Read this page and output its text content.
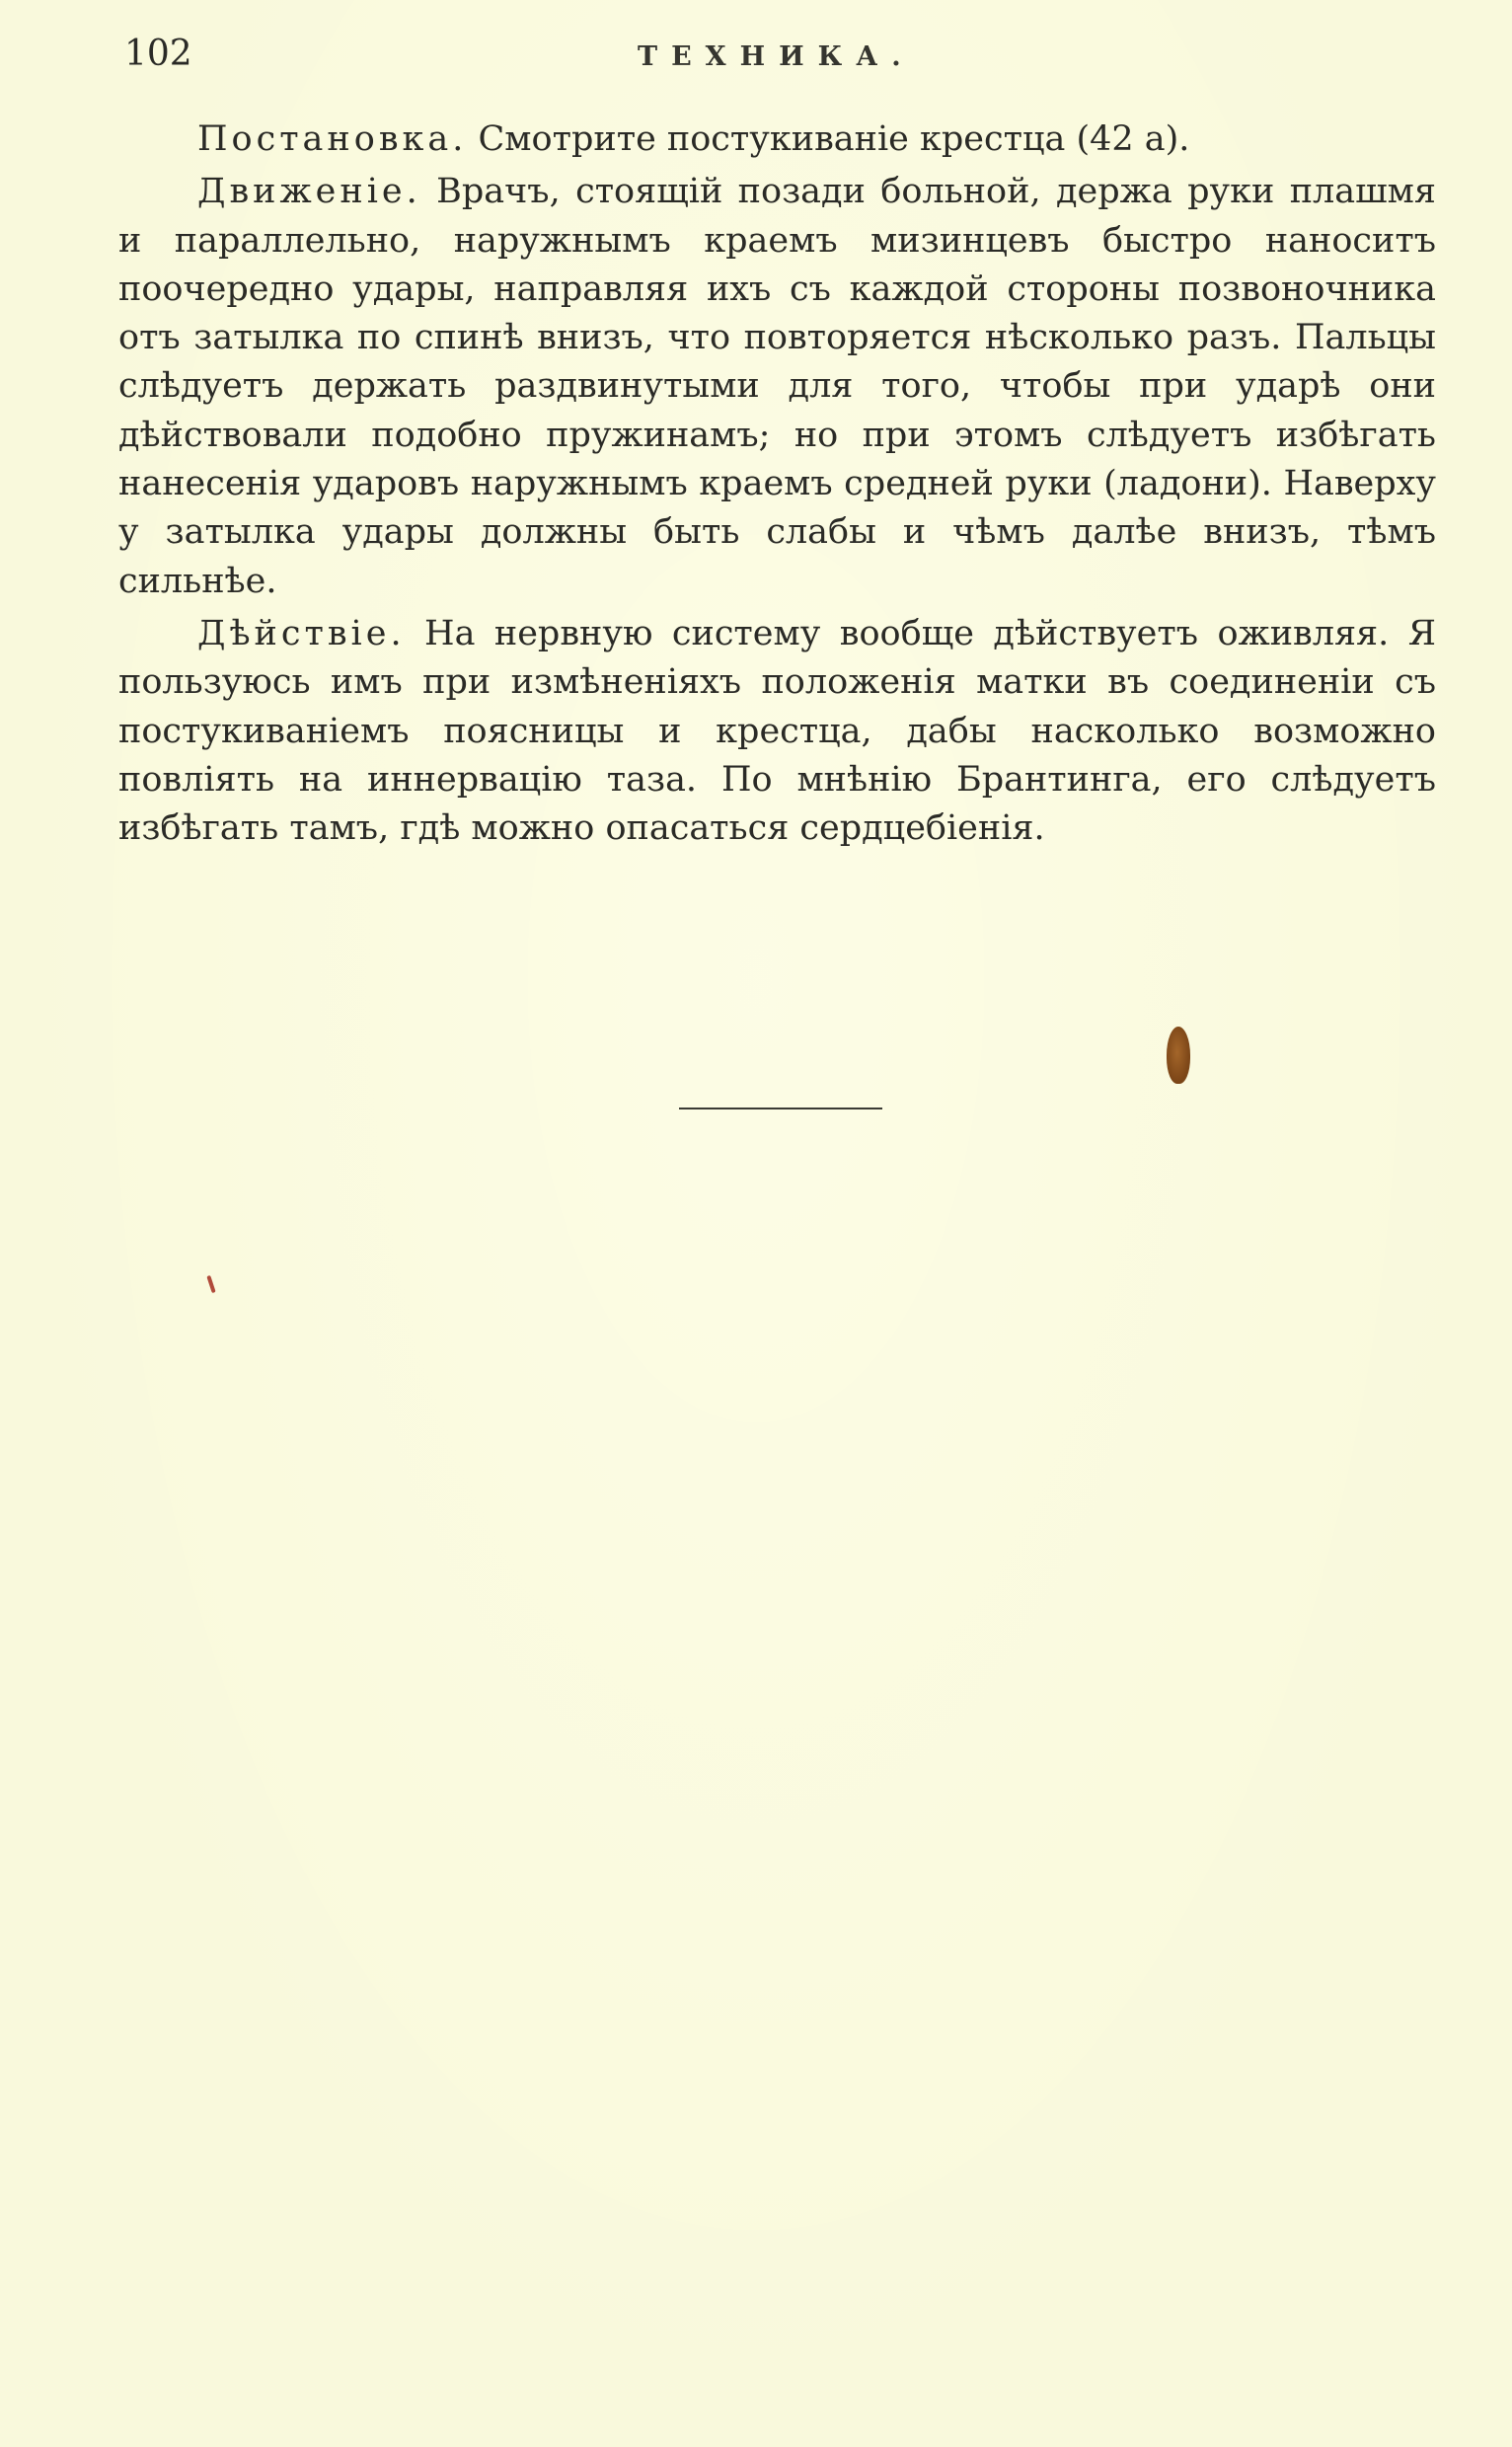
102	ТЕХНИКА.

Постановка. Смотрите постукиванiе крестца (42 а).

Движенiе. Врачъ, стоящiй позади больной, держа руки плашмя и параллельно, наружнымъ краемъ мизинцевъ быстро наноситъ поочередно удары, направляя ихъ съ каждой стороны позвоночника отъ затылка по спинѣ внизъ, что повторяется нѣсколько разъ. Пальцы слѣдуетъ держать раздвинутыми для того, чтобы при ударѣ они дѣйствовали подобно пружинамъ; но при этомъ слѣдуетъ избѣгать нанесенiя ударовъ наружнымъ краемъ средней руки (ладони). Наверху у затылка удары должны быть слабы и чѣмъ далѣе внизъ, тѣмъ сильнѣе.

Дѣйствiе. На нервную систему вообще дѣйствуетъ оживляя. Я пользуюсь имъ при измѣненiяхъ положенiя матки въ соединенiи съ постукиванiемъ поясницы и крестца, дабы насколько возможно повлiять на иннервацiю таза. По мнѣнiю Брантинга, его слѣдуетъ избѣгать тамъ, гдѣ можно опасаться сердцебiенiя.
